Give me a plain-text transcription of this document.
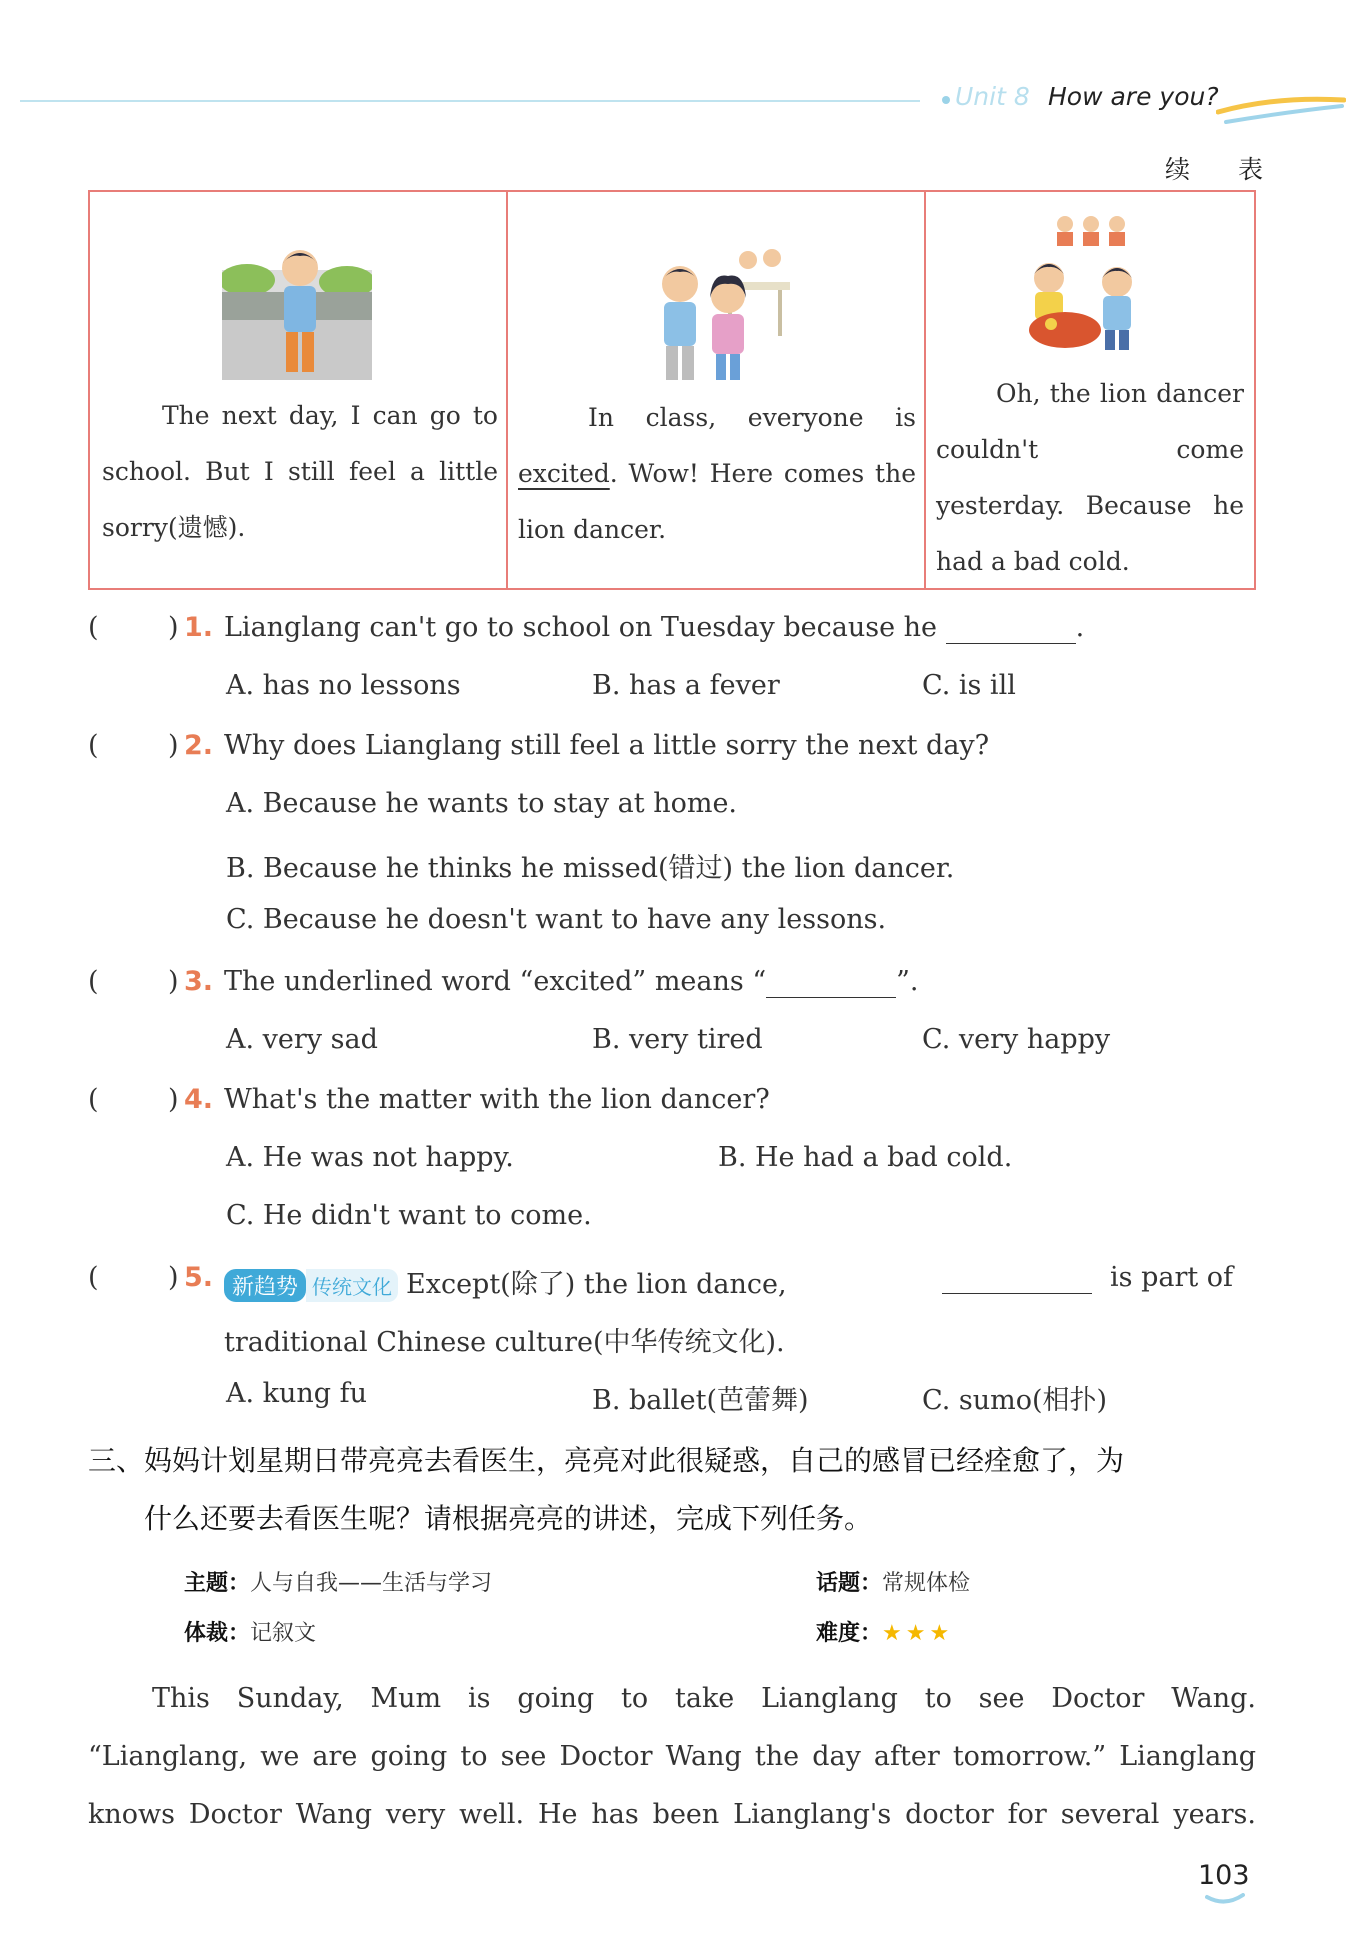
Unit 8 How are you?
续 表
The next day, I can go to school. But I still feel a little sorry(遗憾).
In class, everyone is excited. Wow! Here comes the lion dancer.
Oh, the lion dancer couldn't come yesterday. Because he had a bad cold.
(	) 1. Lianglang can't go to school on Tuesday because he	.
A. has no lessons	B. has a fever	C. is ill
(	) 2. Why does Lianglang still feel a little sorry the next day?
A. Because he wants to stay at home.
B. Because he thinks he missed(错过) the lion dancer.
C. Because he doesn't want to have any lessons.
(	) 3. The underlined word “excited” means “	”.
A. very sad	B. very tired	C. very happy
(	) 4. What's the matter with the lion dancer?
A. He was not happy.	B. He had a bad cold.
C. He didn't want to come.
(	) 5. 新趋势 传统文化 Except(除了) the lion dance,	is part of
traditional Chinese culture(中华传统文化).
A. kung fu	B. ballet(芭蕾舞)	C. sumo(相扑)
三、妈妈计划星期日带亮亮去看医生，亮亮对此很疑惑，自己的感冒已经痊愈了，为
什么还要去看医生呢？请根据亮亮的讲述，完成下列任务。
主题：人与自我——生活与学习	话题：常规体检
体裁：记叙文	难度：★ ★ ★
This Sunday, Mum is going to take Lianglang to see Doctor Wang.
“Lianglang, we are going to see Doctor Wang the day after tomorrow.” Lianglang
knows Doctor Wang very well. He has been Lianglang's doctor for several years.
103
